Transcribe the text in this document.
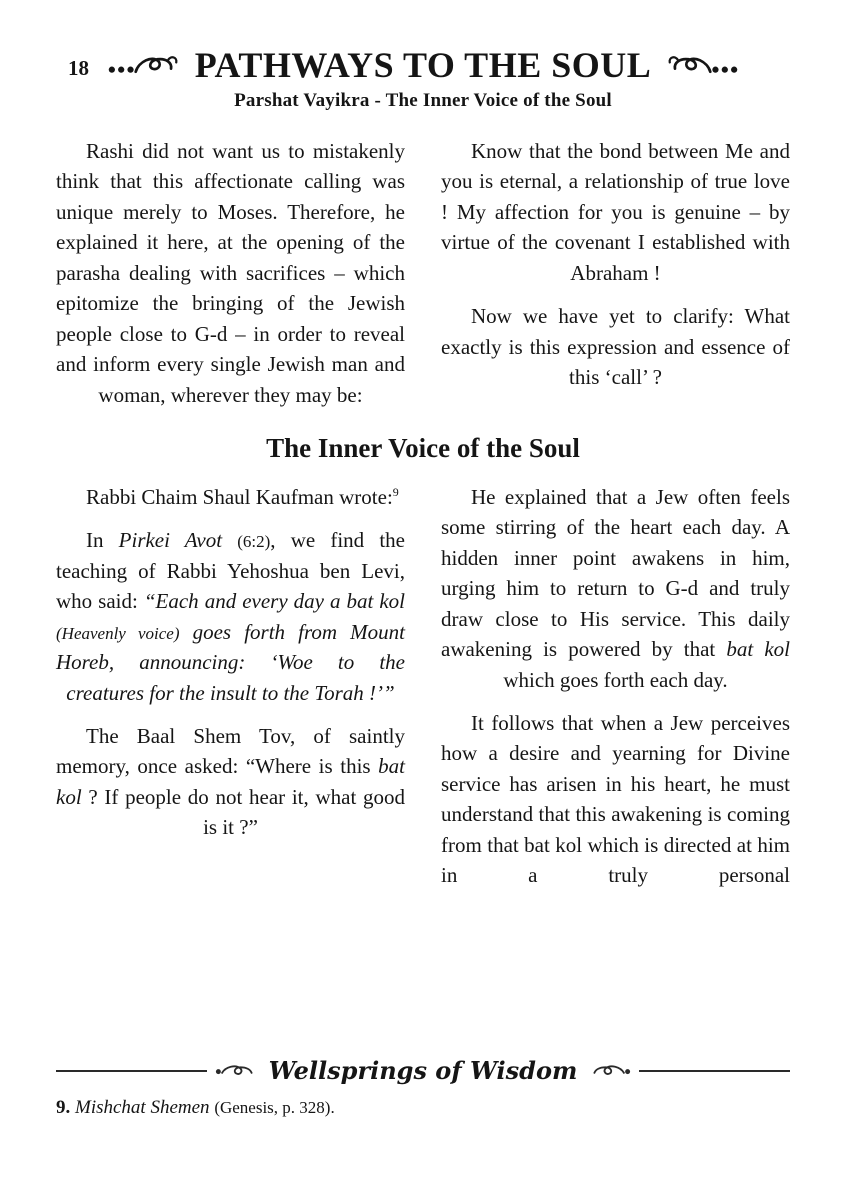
18	PATHWAYS TO THE SOUL
Parshat Vayikra - The Inner Voice of the Soul

Rashi did not want us to mistakenly think that this affectionate calling was unique merely to Moses. Therefore, he explained it here, at the opening of the parasha dealing with sacrifices – which epitomize the bringing of the Jewish people close to G-d – in order to reveal and inform every single Jewish man and woman, wherever they may be:

Know that the bond between Me and you is eternal, a relationship of true love ! My affection for you is genuine – by virtue of the covenant I established with Abraham !

Now we have yet to clarify: What exactly is this expression and essence of this ‘call’ ?

The Inner Voice of the Soul

Rabbi Chaim Shaul Kaufman wrote:$^9$

In Pirkei Avot (6:2), we find the teaching of Rabbi Yehoshua ben Levi, who said: “Each and every day a bat kol (Heavenly voice) goes forth from Mount Horeb, announcing: ‘Woe to the creatures for the insult to the Torah !’”

The Baal Shem Tov, of saintly memory, once asked: “Where is this bat kol ? If people do not hear it, what good is it ?”

He explained that a Jew often feels some stirring of the heart each day. A hidden inner point awakens in him, urging him to return to G-d and truly draw close to His service. This daily awakening is powered by that bat kol which goes forth each day.

It follows that when a Jew perceives how a desire and yearning for Divine service has arisen in his heart, he must understand that this awakening is coming from that bat kol which is directed at him in a truly personal

Wellsprings of Wisdom

9. Mishchat Shemen (Genesis, p. 328).
